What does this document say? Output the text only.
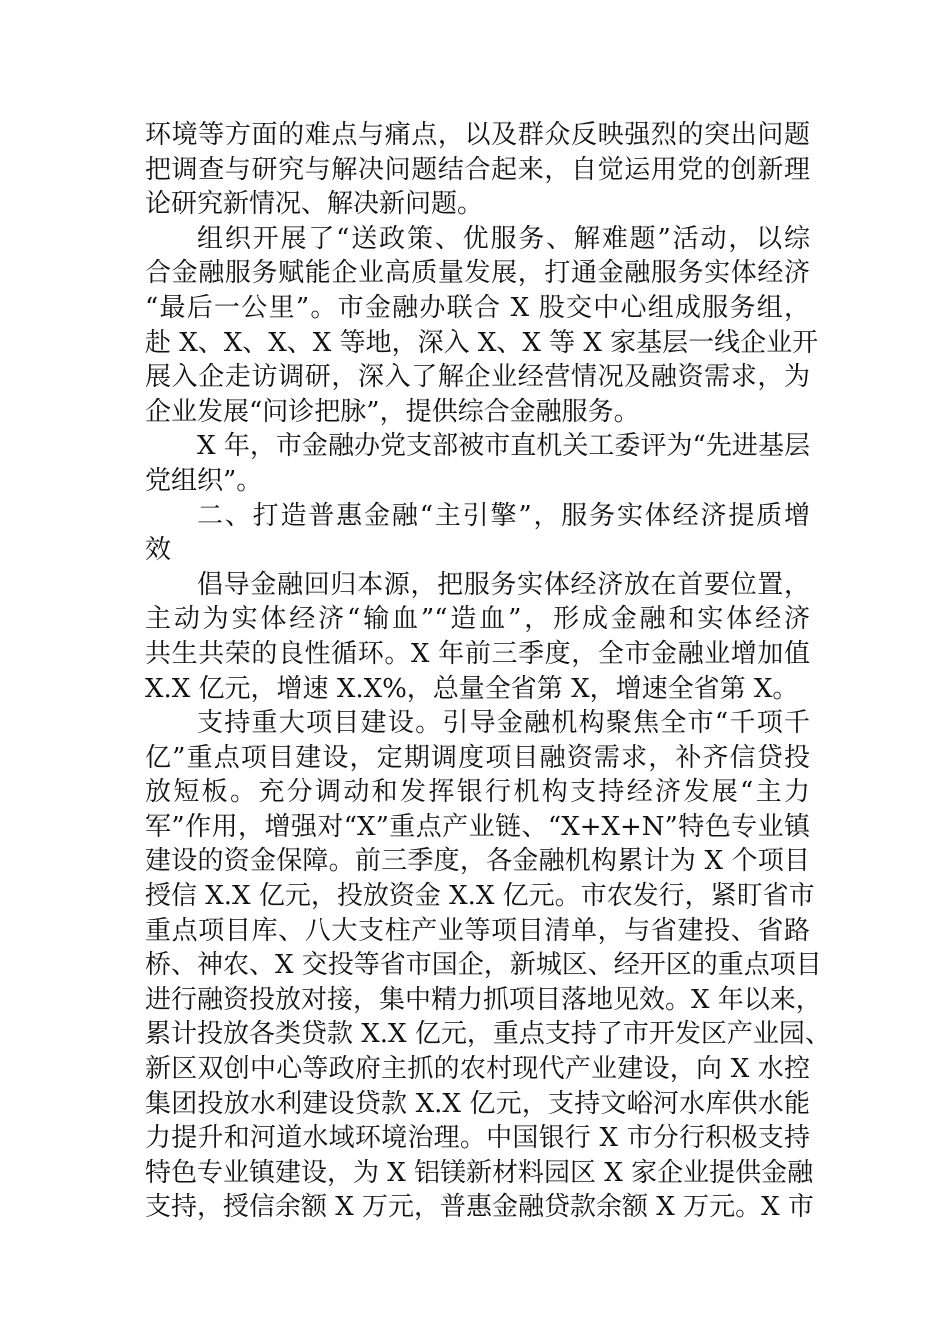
环境等方面的难点与痛点，以及群众反映强烈的突出问题
把调查与研究与解决问题结合起来，自觉运用党的创新理
论研究新情况、解决新问题。
组织开展了“送政策、优服务、解难题”活动，以综
合金融服务赋能企业高质量发展，打通金融服务实体经济
“最后一公里”。市金融办联合 X 股交中心组成服务组，
赴 X、X、X、X 等地，深入 X、X 等 X 家基层一线企业开
展入企走访调研，深入了解企业经营情况及融资需求，为
企业发展“问诊把脉”，提供综合金融服务。
X 年，市金融办党支部被市直机关工委评为“先进基层
党组织”。
二、打造普惠金融“主引擎”，服务实体经济提质增
效
倡导金融回归本源，把服务实体经济放在首要位置，
主动为实体经济“输血”“造血”，形成金融和实体经济
共生共荣的良性循环。X 年前三季度，全市金融业增加值
X.X 亿元，增速 X.X%，总量全省第 X，增速全省第 X。
支持重大项目建设。引导金融机构聚焦全市“千项千
亿”重点项目建设，定期调度项目融资需求，补齐信贷投
放短板。充分调动和发挥银行机构支持经济发展“主力
军”作用，增强对“X”重点产业链、“X+X+N”特色专业镇
建设的资金保障。前三季度，各金融机构累计为 X 个项目
授信 X.X 亿元，投放资金 X.X 亿元。市农发行，紧盯省市
重点项目库、八大支柱产业等项目清单，与省建投、省路
桥、神农、X 交投等省市国企，新城区、经开区的重点项目
进行融资投放对接，集中精力抓项目落地见效。X 年以来，
累计投放各类贷款 X.X 亿元，重点支持了市开发区产业园、
新区双创中心等政府主抓的农村现代产业建设，向 X 水控
集团投放水利建设贷款 X.X 亿元，支持文峪河水库供水能
力提升和河道水域环境治理。中国银行 X 市分行积极支持
特色专业镇建设，为 X 铝镁新材料园区 X 家企业提供金融
支持，授信余额 X 万元，普惠金融贷款余额 X 万元。X 市
